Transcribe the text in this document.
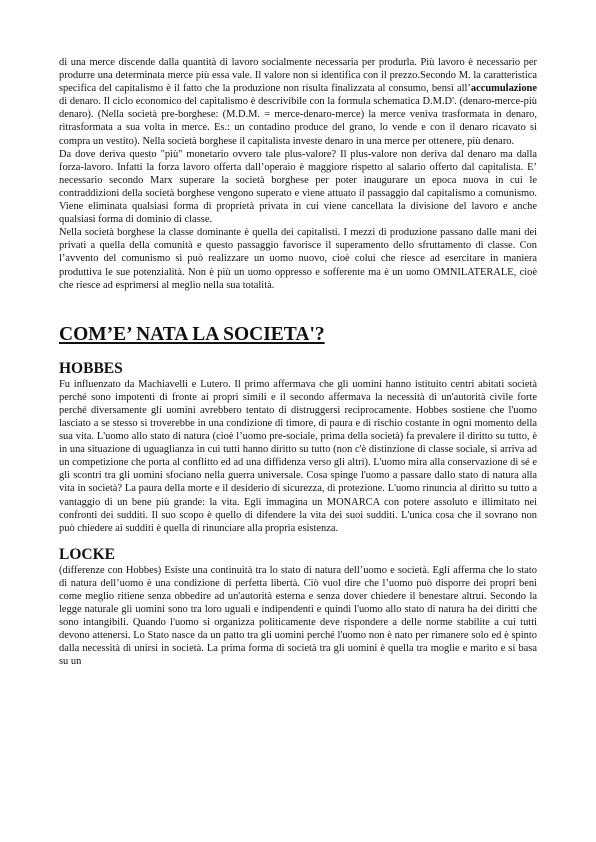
di una merce discende dalla quantità di lavoro socialmente necessaria per produrla. Più lavoro è necessario per produrre una determinata merce più essa vale. Il valore non si identifica con il prezzo.Secondo M. la caratteristica specifica del capitalismo è il fatto che la produzione non risulta finalizzata al consumo, bensì all’accumulazione di denaro. Il ciclo economico del capitalismo è descrivibile con la formula schematica D.M.D'. (denaro-merce-più denaro). (Nella società pre-borghese: (M.D.M. = merce-denaro-merce) la merce veniva trasformata in denaro, ritrasformata a sua volta in merce. Es.: un contadino produce del grano, lo vende e con il denaro ricavato si compra un vestito). Nella società borghese il capitalista investe denaro in una merce per ottenere, più denaro.

Da dove deriva questo "più" monetario ovvero tale plus-valore? Il plus-valore non deriva dal denaro ma dalla forza-lavoro. Infatti la forza lavoro offerta dall’operaio è maggiore rispetto al salario offerto dal capitalista. E’ necessario secondo Marx superare la società borghese per poter inaugurare un epoca nuova in cui le contraddizioni della società borghese vengono superato e viene attuato il passaggio dal capitalismo a comunismo. Viene eliminata qualsiasi forma di proprietà privata in cui viene cancellata la divisione del lavoro e anche qualsiasi forma di dominio di classe.

Nella società borghese la classe dominante è quella dei capitalisti. I mezzi di produzione passano dalle mani dei privati a quella della comunità e questo passaggio favorisce il superamento dello sfruttamento di classe. Con l’avvento del comunismo si può realizzare un uomo nuovo, cioè colui che riesce ad esercitare in maniera produttiva le sue potenzialità. Non è più un uomo oppresso e sofferente ma è un uomo OMNILATERALE, cioè che riesce ad esprimersi al meglio nella sua totalità.

COM’E’ NATA LA SOCIETA'?
HOBBES

Fu influenzato da Machiavelli e Lutero. Il primo affermava che gli uomini hanno istituito centri abitati società perché sono impotenti di fronte ai propri simili e il secondo affermava la necessità di un'autorità civile forte perché diversamente gli uomini avrebbero tentato di distruggersi reciprocamente. Hobbes sostiene che l'uomo lasciato a se stesso si troverebbe in una condizione di timore, di paura e di rischio costante in ogni momento della sua vita. L'uomo allo stato di natura (cioè l’uomo pre-sociale, prima della società) fa prevalere il diritto su tutto, è in una situazione di uguaglianza in cui tutti hanno diritto su tutto (non c'è distinzione di classe sociale, si arriva ad un competizione che porta al conflitto ed ad una diffidenza verso gli altri). L'uomo mira alla conservazione di sé e gli scontri tra gli uomini sfociano nella guerra universale. Cosa spinge l'uomo a passare dallo stato di natura alla vita in società? La paura della morte e il desiderio di sicurezza, di protezione. L'uomo rinuncia al diritto su tutto a vantaggio di un bene più grande: la vita. Egli immagina un MONARCA con potere assoluto e illimitato nei confronti dei sudditi. Il suo scopo è quello di difendere la vita dei suoi sudditi. L'unica cosa che il sovrano non può chiedere ai sudditi è quella di rinunciare alla propria esistenza.

LOCKE

(differenze con Hobbes) Esiste una continuità tra lo stato di natura dell’uomo e società. Egli afferma che lo stato di natura dell’uomo è una condizione di perfetta libertà. Ciò vuol dire che l’uomo può disporre dei propri beni come meglio ritiene senza obbedire ad un'autorità esterna e senza dover chiedere il benestare altrui. Secondo la legge naturale gli uomini sono tra loro uguali e indipendenti e quindi l'uomo allo stato di natura ha dei diritti che sono intangibili. Quando l'uomo si organizza politicamente deve rispondere a delle norme stabilite a cui tutti devono attenersi. Lo Stato nasce da un patto tra gli uomini perché l'uomo non è nato per rimanere solo ed è spinto dalla necessità di unirsi in società. La prima forma di società tra gli uomini è quella tra moglie e marito e si basa su un
